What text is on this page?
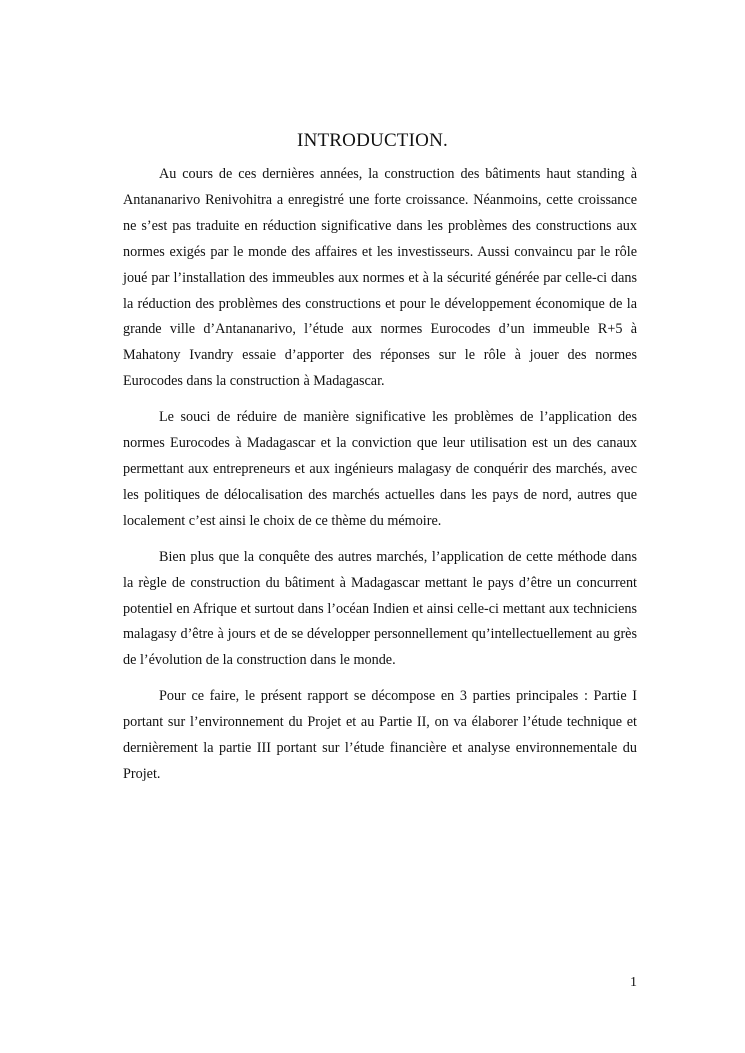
INTRODUCTION.

Au cours de ces dernières années, la construction des bâtiments haut standing à Antananarivo Renivohitra a enregistré une forte croissance. Néanmoins, cette croissance ne s’est pas traduite en réduction significative dans les problèmes des constructions aux normes exigés par le monde des affaires et les investisseurs. Aussi convaincu par le rôle joué par l’installation des immeubles aux normes et à la sécurité générée par celle-ci dans la réduction des problèmes des constructions et pour le développement économique de la grande ville d’Antananarivo, l’étude aux normes Eurocodes d’un immeuble R+5 à Mahatony Ivandry essaie d’apporter des réponses sur le rôle à jouer des normes Eurocodes dans la construction à Madagascar.

Le souci de réduire de manière significative les problèmes de l’application des normes Eurocodes à Madagascar et la conviction que leur utilisation est un des canaux permettant aux entrepreneurs et aux ingénieurs malagasy de conquérir des marchés, avec les politiques de délocalisation des marchés actuelles dans les pays de nord, autres que localement c’est ainsi le choix de ce thème du mémoire.

Bien plus que la conquête des autres marchés, l’application de cette méthode dans la règle de construction du bâtiment à Madagascar mettant le pays d’être un concurrent potentiel en Afrique et surtout dans l’océan Indien et ainsi celle-ci mettant aux techniciens malagasy d’être à jours et de se développer personnellement qu’intellectuellement au grès de l’évolution de la construction dans le monde.

Pour ce faire, le présent rapport se décompose en 3 parties principales : Partie I portant sur l’environnement du Projet et au Partie II, on va élaborer l’étude technique et dernièrement la partie III portant sur l’étude financière et analyse environnementale du Projet.

1
